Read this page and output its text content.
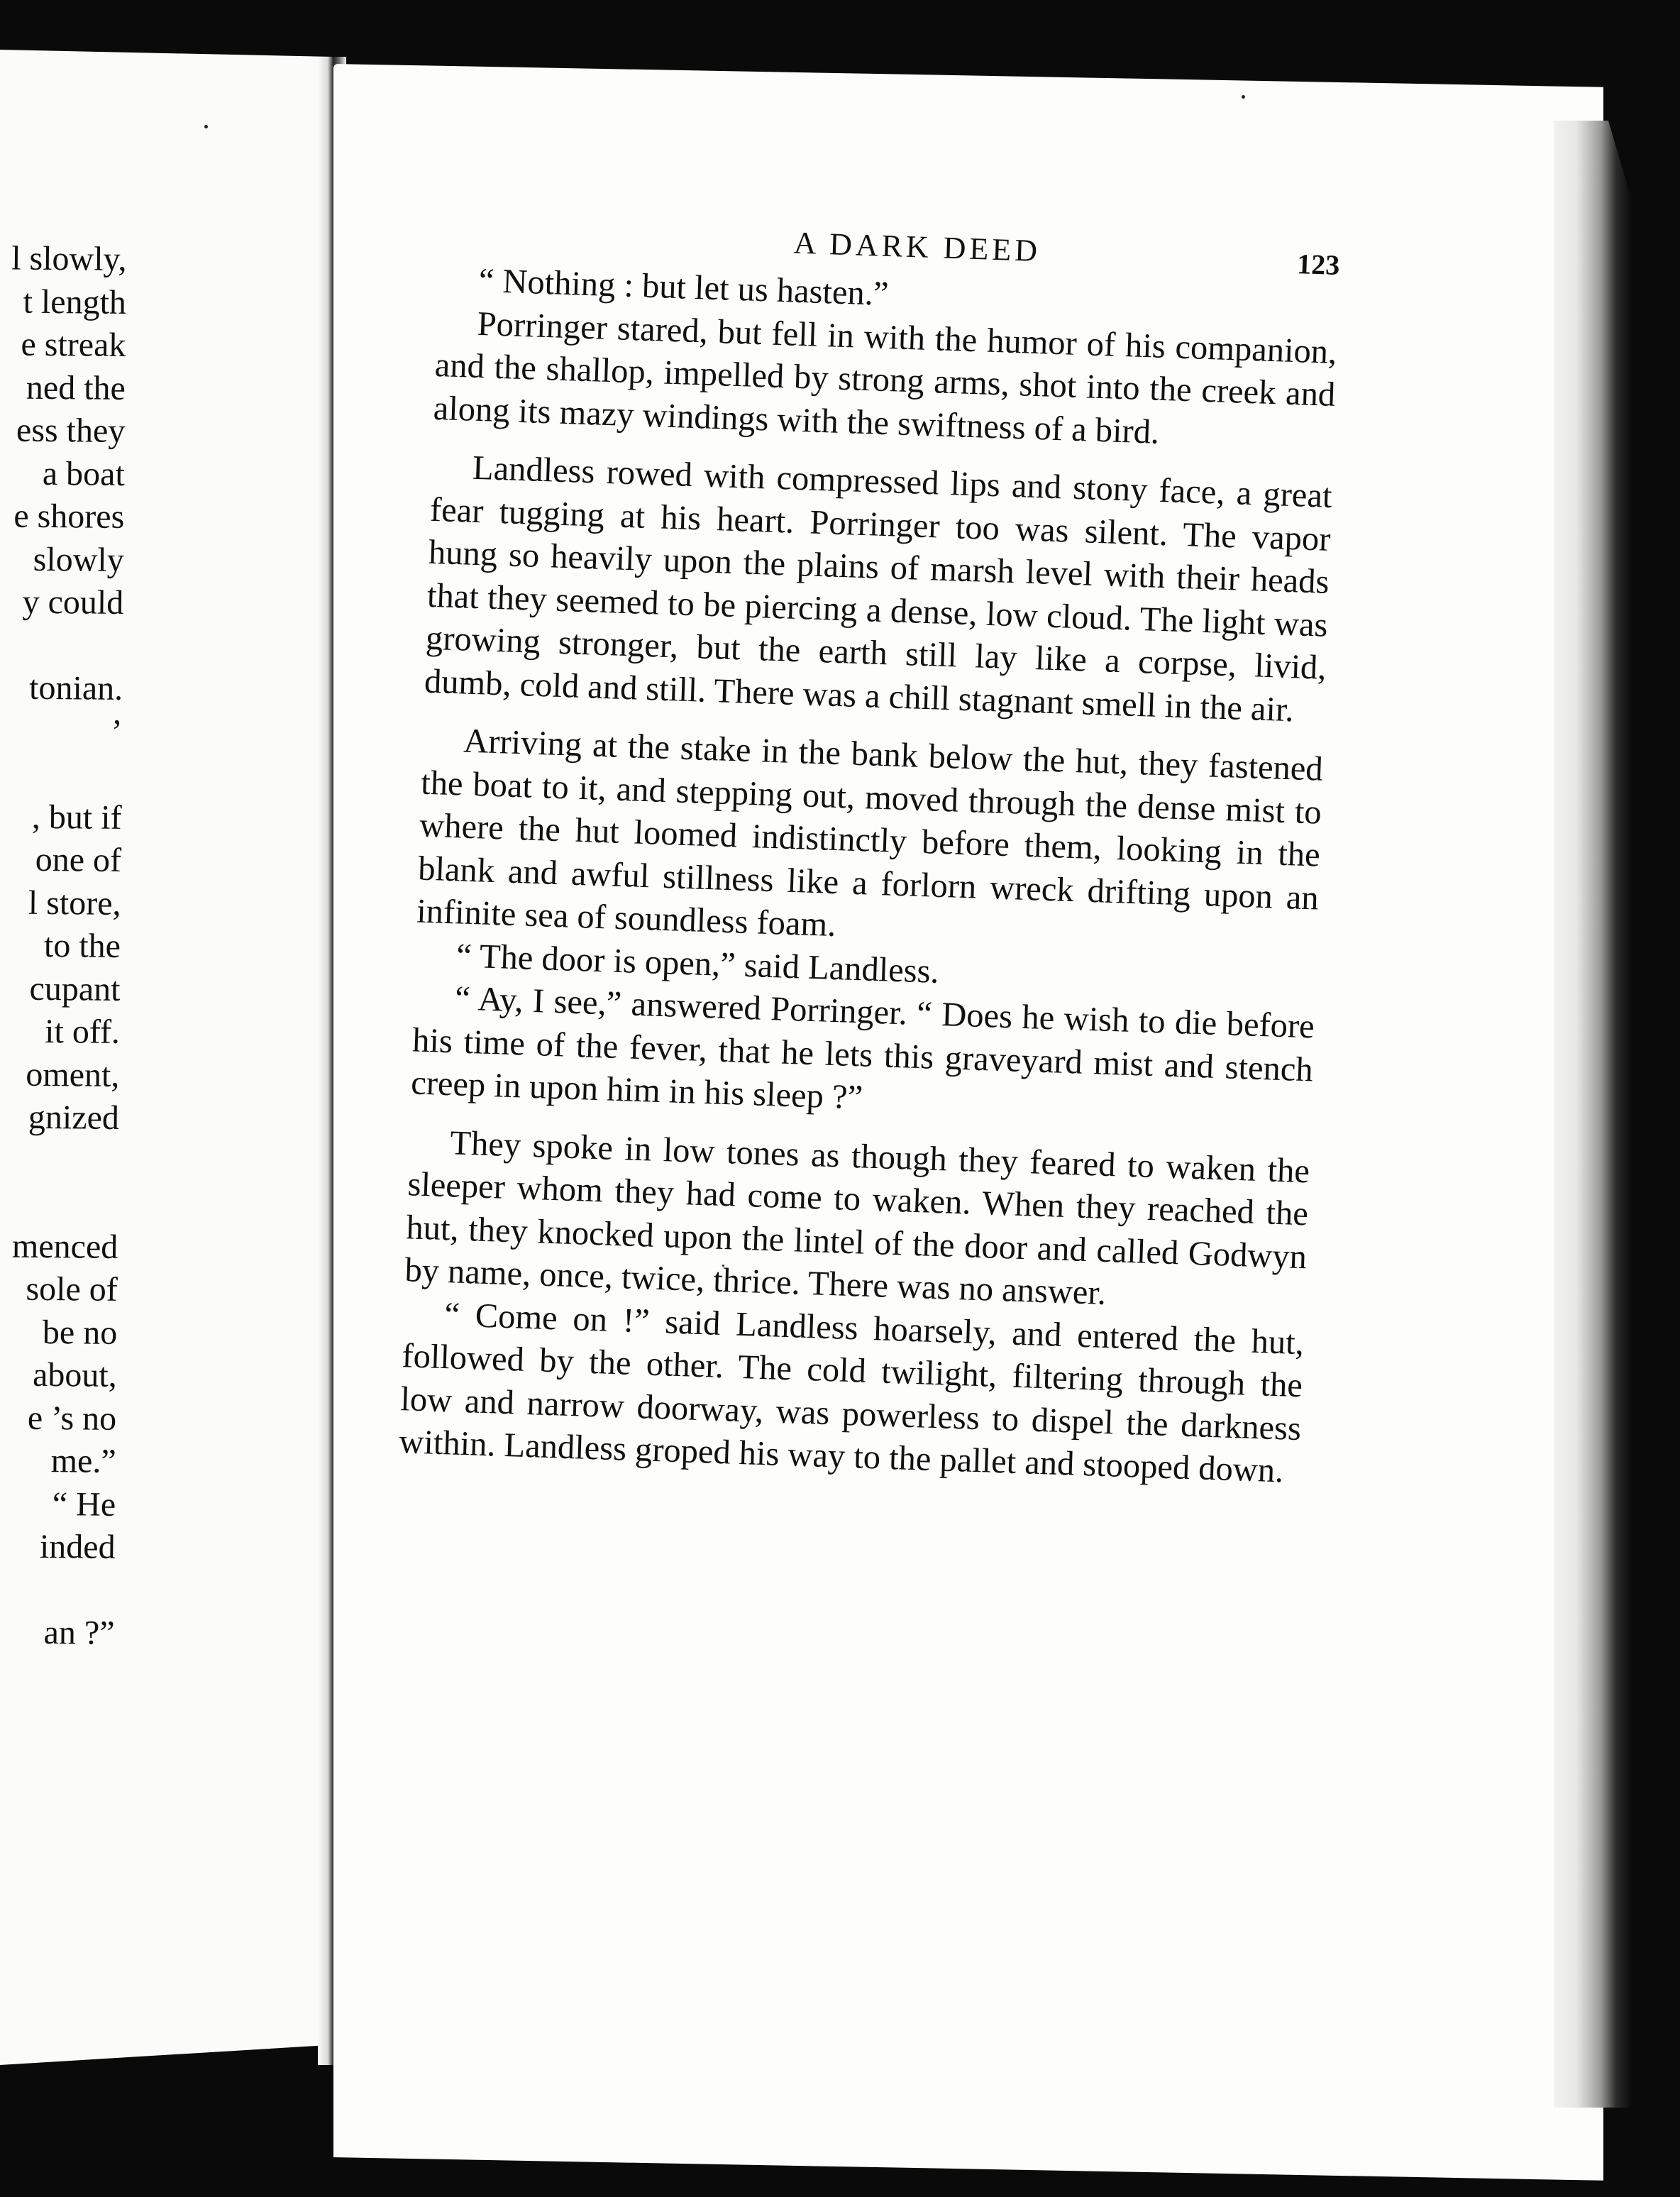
l slowly,
t length
e streak
ned the
ess they
a boat
e shores
slowly
y could
tonian.
’
, but if
one of
l store,
to the
cupant
it off.
oment,
gnized
menced
sole of
be no
about,
e ’s no
me.”
“ He
inded
an ?”
A DARK DEED	123

“ Nothing : but let us hasten.”

Porringer stared, but fell in with the humor of his companion, and the shallop, impelled by strong arms, shot into the creek and along its mazy windings with the swiftness of a bird.

Landless rowed with compressed lips and stony face, a great fear tugging at his heart. Porringer too was silent. The vapor hung so heavily upon the plains of marsh level with their heads that they seemed to be piercing a dense, low cloud. The light was growing stronger, but the earth still lay like a corpse, livid, dumb, cold and still. There was a chill stagnant smell in the air.

Arriving at the stake in the bank below the hut, they fastened the boat to it, and stepping out, moved through the dense mist to where the hut loomed indistinctly before them, looking in the blank and awful stillness like a forlorn wreck drifting upon an infinite sea of soundless foam.

“ The door is open,” said Landless.

“ Ay, I see,” answered Porringer. “ Does he wish to die before his time of the fever, that he lets this graveyard mist and stench creep in upon him in his sleep ?”

They spoke in low tones as though they feared to waken the sleeper whom they had come to waken. When they reached the hut, they knocked upon the lintel of the door and called Godwyn by name, once, twice, thrice. There was no answer.

“ Come on !” said Landless hoarsely, and entered the hut, followed by the other. The cold twilight, filtering through the low and narrow doorway, was powerless to dispel the darkness within. Landless groped his way to the pallet and stooped down.
